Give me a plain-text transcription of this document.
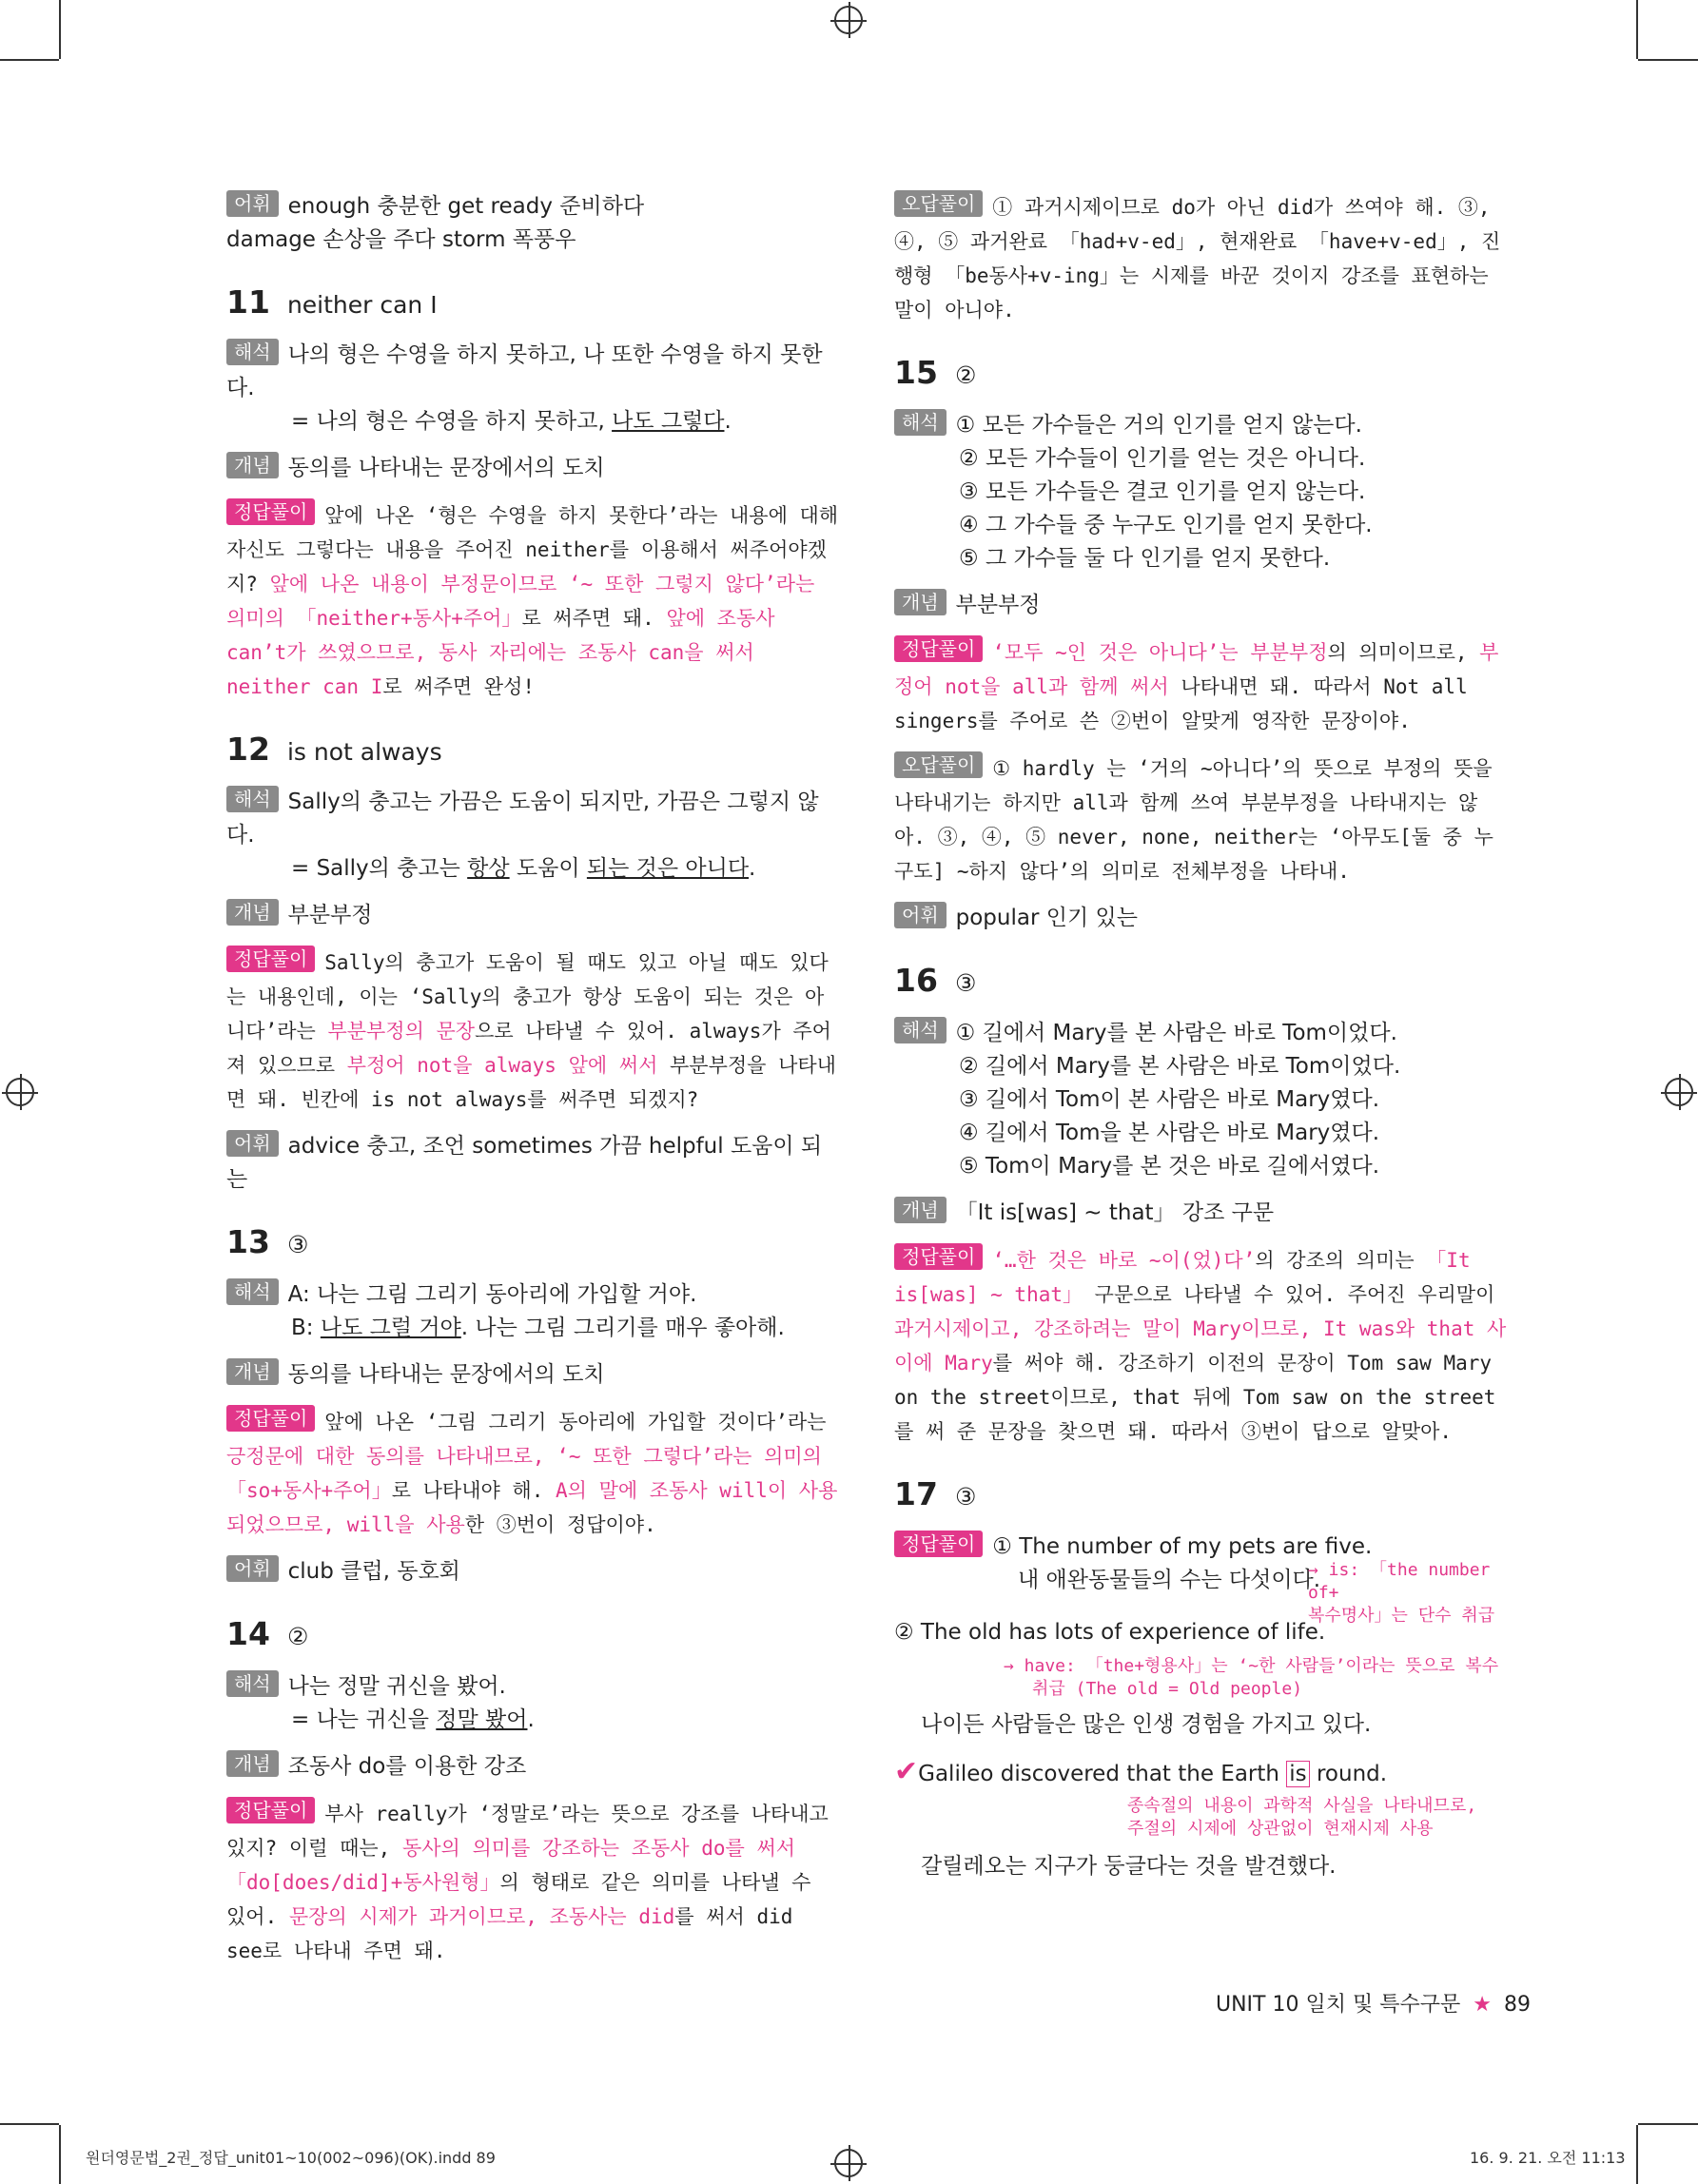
어휘 enough 충분한 get ready 준비하다
damage 손상을 주다 storm 폭풍우
11 neither can I
해석 나의 형은 수영을 하지 못하고, 나 또한 수영을 하지 못한다.
= 나의 형은 수영을 하지 못하고, 나도 그렇다.
개념 동의를 나타내는 문장에서의 도치
정답풀이 앞에 나온 ‘형은 수영을 하지 못한다’라는 내용에 대해 자신도 그렇다는 내용을 주어진 neither를 이용해서 써주어야겠지? 앞에 나온 내용이 부정문이므로 ‘~ 또한 그렇지 않다’라는 의미의 「neither+동사+주어」로 써주면 돼. 앞에 조동사 can’t가 쓰였으므로, 동사 자리에는 조동사 can을 써서 neither can I로 써주면 완성!
12 is not always
해석 Sally의 충고는 가끔은 도움이 되지만, 가끔은 그렇지 않다.
= Sally의 충고는 항상 도움이 되는 것은 아니다.
개념 부분부정
정답풀이 Sally의 충고가 도움이 될 때도 있고 아닐 때도 있다는 내용인데, 이는 ‘Sally의 충고가 항상 도움이 되는 것은 아니다’라는 부분부정의 문장으로 나타낼 수 있어. always가 주어져 있으므로 부정어 not을 always 앞에 써서 부분부정을 나타내면 돼. 빈칸에 is not always를 써주면 되겠지?
어휘 advice 충고, 조언 sometimes 가끔 helpful 도움이 되는
13 ③
해석 A: 나는 그림 그리기 동아리에 가입할 거야.
B: 나도 그럴 거야. 나는 그림 그리기를 매우 좋아해.
개념 동의를 나타내는 문장에서의 도치
정답풀이 앞에 나온 ‘그림 그리기 동아리에 가입할 것이다’라는 긍정문에 대한 동의를 나타내므로, ‘~ 또한 그렇다’라는 의미의 「so+동사+주어」로 나타내야 해. A의 말에 조동사 will이 사용되었으므로, will을 사용한 ③번이 정답이야.
어휘 club 클럽, 동호회
14 ②
해석 나는 정말 귀신을 봤어.
= 나는 귀신을 정말 봤어.
개념 조동사 do를 이용한 강조
정답풀이 부사 really가 ‘정말로’라는 뜻으로 강조를 나타내고 있지? 이럴 때는, 동사의 의미를 강조하는 조동사 do를 써서 「do[does/did]+동사원형」의 형태로 같은 의미를 나타낼 수 있어. 문장의 시제가 과거이므로, 조동사는 did를 써서 did see로 나타내 주면 돼.
오답풀이 ① 과거시제이므로 do가 아닌 did가 쓰여야 해. ③, ④, ⑤ 과거완료 「had+v-ed」, 현재완료 「have+v-ed」, 진행형 「be동사+v-ing」는 시제를 바꾼 것이지 강조를 표현하는 말이 아니야.
15 ②
해석 ① 모든 가수들은 거의 인기를 얻지 않는다.
② 모든 가수들이 인기를 얻는 것은 아니다.
③ 모든 가수들은 결코 인기를 얻지 않는다.
④ 그 가수들 중 누구도 인기를 얻지 못한다.
⑤ 그 가수들 둘 다 인기를 얻지 못한다.
개념 부분부정
정답풀이 ‘모두 ~인 것은 아니다’는 부분부정의 의미이므로, 부정어 not을 all과 함께 써서 나타내면 돼. 따라서 Not all singers를 주어로 쓴 ②번이 알맞게 영작한 문장이야.
오답풀이 ① hardly 는 ‘거의 ~아니다’의 뜻으로 부정의 뜻을 나타내기는 하지만 all과 함께 쓰여 부분부정을 나타내지는 않아. ③, ④, ⑤ never, none, neither는 ‘아무도[둘 중 누구도] ~하지 않다’의 의미로 전체부정을 나타내.
어휘 popular 인기 있는
16 ③
해석 ① 길에서 Mary를 본 사람은 바로 Tom이었다.
② 길에서 Mary를 본 사람은 바로 Tom이었다.
③ 길에서 Tom이 본 사람은 바로 Mary였다.
④ 길에서 Tom을 본 사람은 바로 Mary였다.
⑤ Tom이 Mary를 본 것은 바로 길에서였다.
개념 「It is[was] ~ that」 강조 구문
정답풀이 ‘…한 것은 바로 ~이(었)다’의 강조의 의미는 「It is[was] ~ that」 구문으로 나타낼 수 있어. 주어진 우리말이 과거시제이고, 강조하려는 말이 Mary이므로, It was와 that 사이에 Mary를 써야 해. 강조하기 이전의 문장이 Tom saw Mary on the street이므로, that 뒤에 Tom saw on the street를 써 준 문장을 찾으면 돼. 따라서 ③번이 답으로 알맞아.
17 ③
정답풀이 ① The number of my pets are five.
내 애완동물들의 수는 다섯이다.
→ is: 「the number of+
복수명사」는 단수 취급
② The old has lots of experience of life.
→ have: 「the+형용사」는 ‘~한 사람들’이라는 뜻으로 복수
취급 (The old = Old people)
나이든 사람들은 많은 인생 경험을 가지고 있다.
✔Galileo discovered that the Earth is round.
종속절의 내용이 과학적 사실을 나타내므로,
주절의 시제에 상관없이 현재시제 사용
갈릴레오는 지구가 둥글다는 것을 발견했다.
UNIT 10 일치 및 특수구문 ★ 89
원더영문법_2권_정답_unit01~10(002~096)(OK).indd 89	16. 9. 21. 오전 11:13
